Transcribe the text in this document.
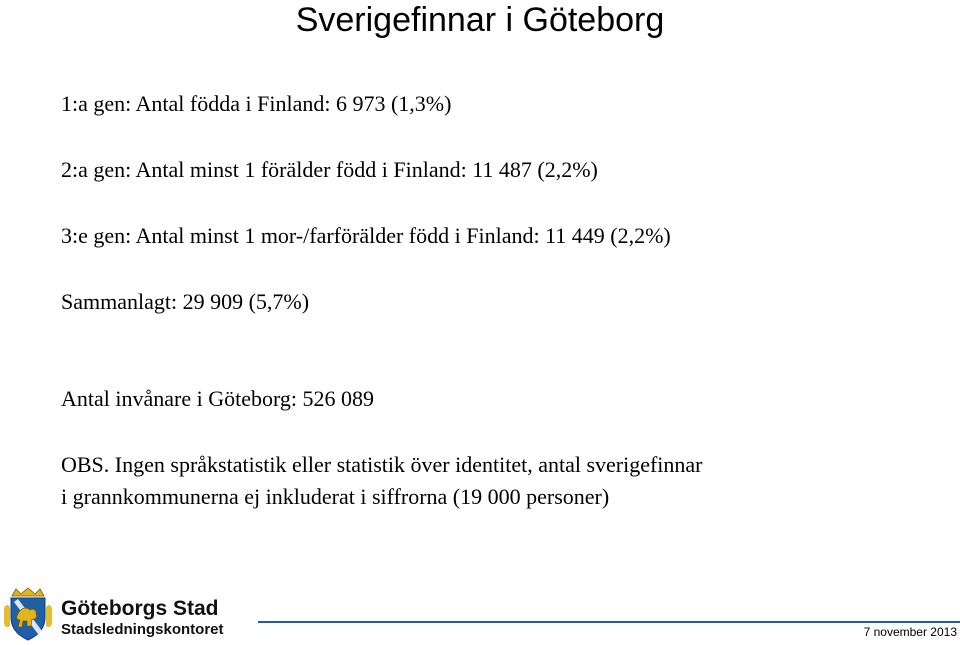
Sverigefinnar i Göteborg
1:a gen: Antal födda i Finland: 6 973 (1,3%)
2:a gen: Antal minst 1 förälder född i Finland: 11 487 (2,2%)
3:e gen: Antal minst 1 mor-/farförälder född i Finland: 11 449 (2,2%)
Sammanlagt: 29 909 (5,7%)
Antal invånare i Göteborg: 526 089
OBS. Ingen språkstatistik eller statistik över identitet, antal sverigefinnar
i grannkommunerna ej inkluderat i siffrorna (19 000 personer)
Göteborgs Stad
Stadsledningskontoret	7 november 2013
